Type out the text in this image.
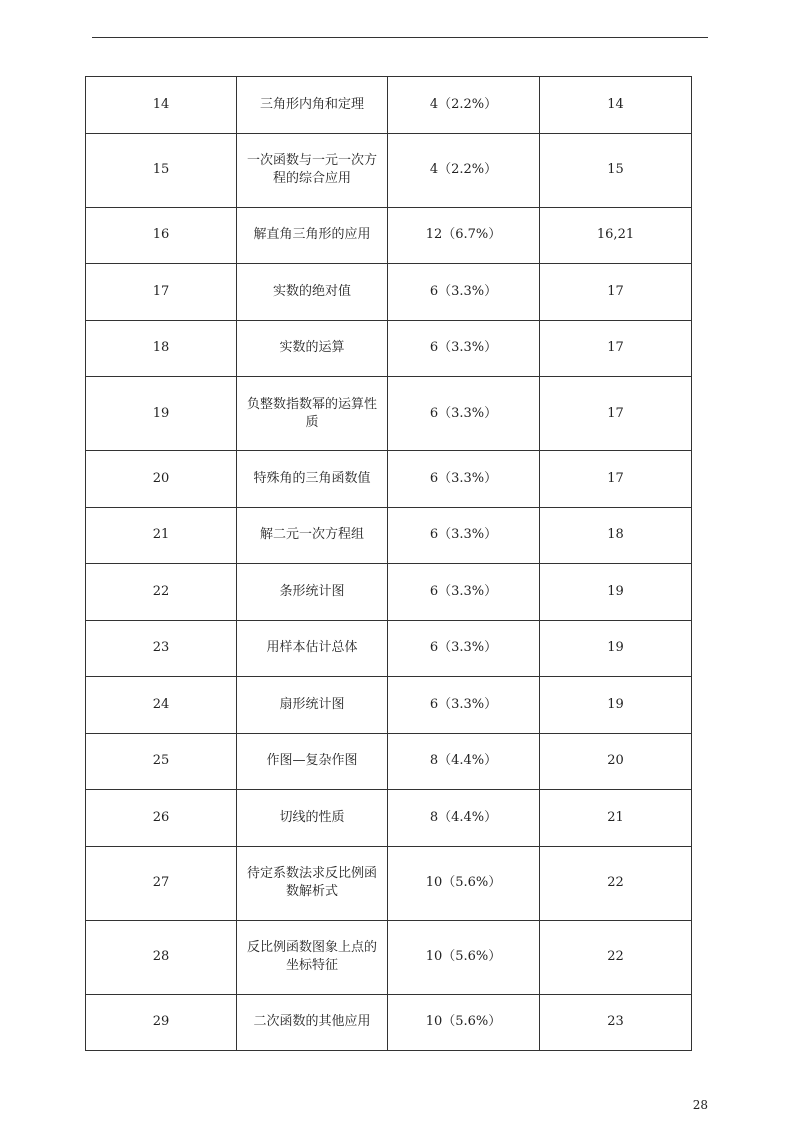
14	三角形内角和定理	4（2.2%）	14
15	一次函数与一元一次方程的综合应用	4（2.2%）	15
16	解直角三角形的应用	12（6.7%）	16,21
17	实数的绝对值	6（3.3%）	17
18	实数的运算	6（3.3%）	17
19	负整数指数幂的运算性质	6（3.3%）	17
20	特殊角的三角函数值	6（3.3%）	17
21	解二元一次方程组	6（3.3%）	18
22	条形统计图	6（3.3%）	19
23	用样本估计总体	6（3.3%）	19
24	扇形统计图	6（3.3%）	19
25	作图—复杂作图	8（4.4%）	20
26	切线的性质	8（4.4%）	21
27	待定系数法求反比例函数解析式	10（5.6%）	22
28	反比例函数图象上点的坐标特征	10（5.6%）	22
29	二次函数的其他应用	10（5.6%）	23
28
